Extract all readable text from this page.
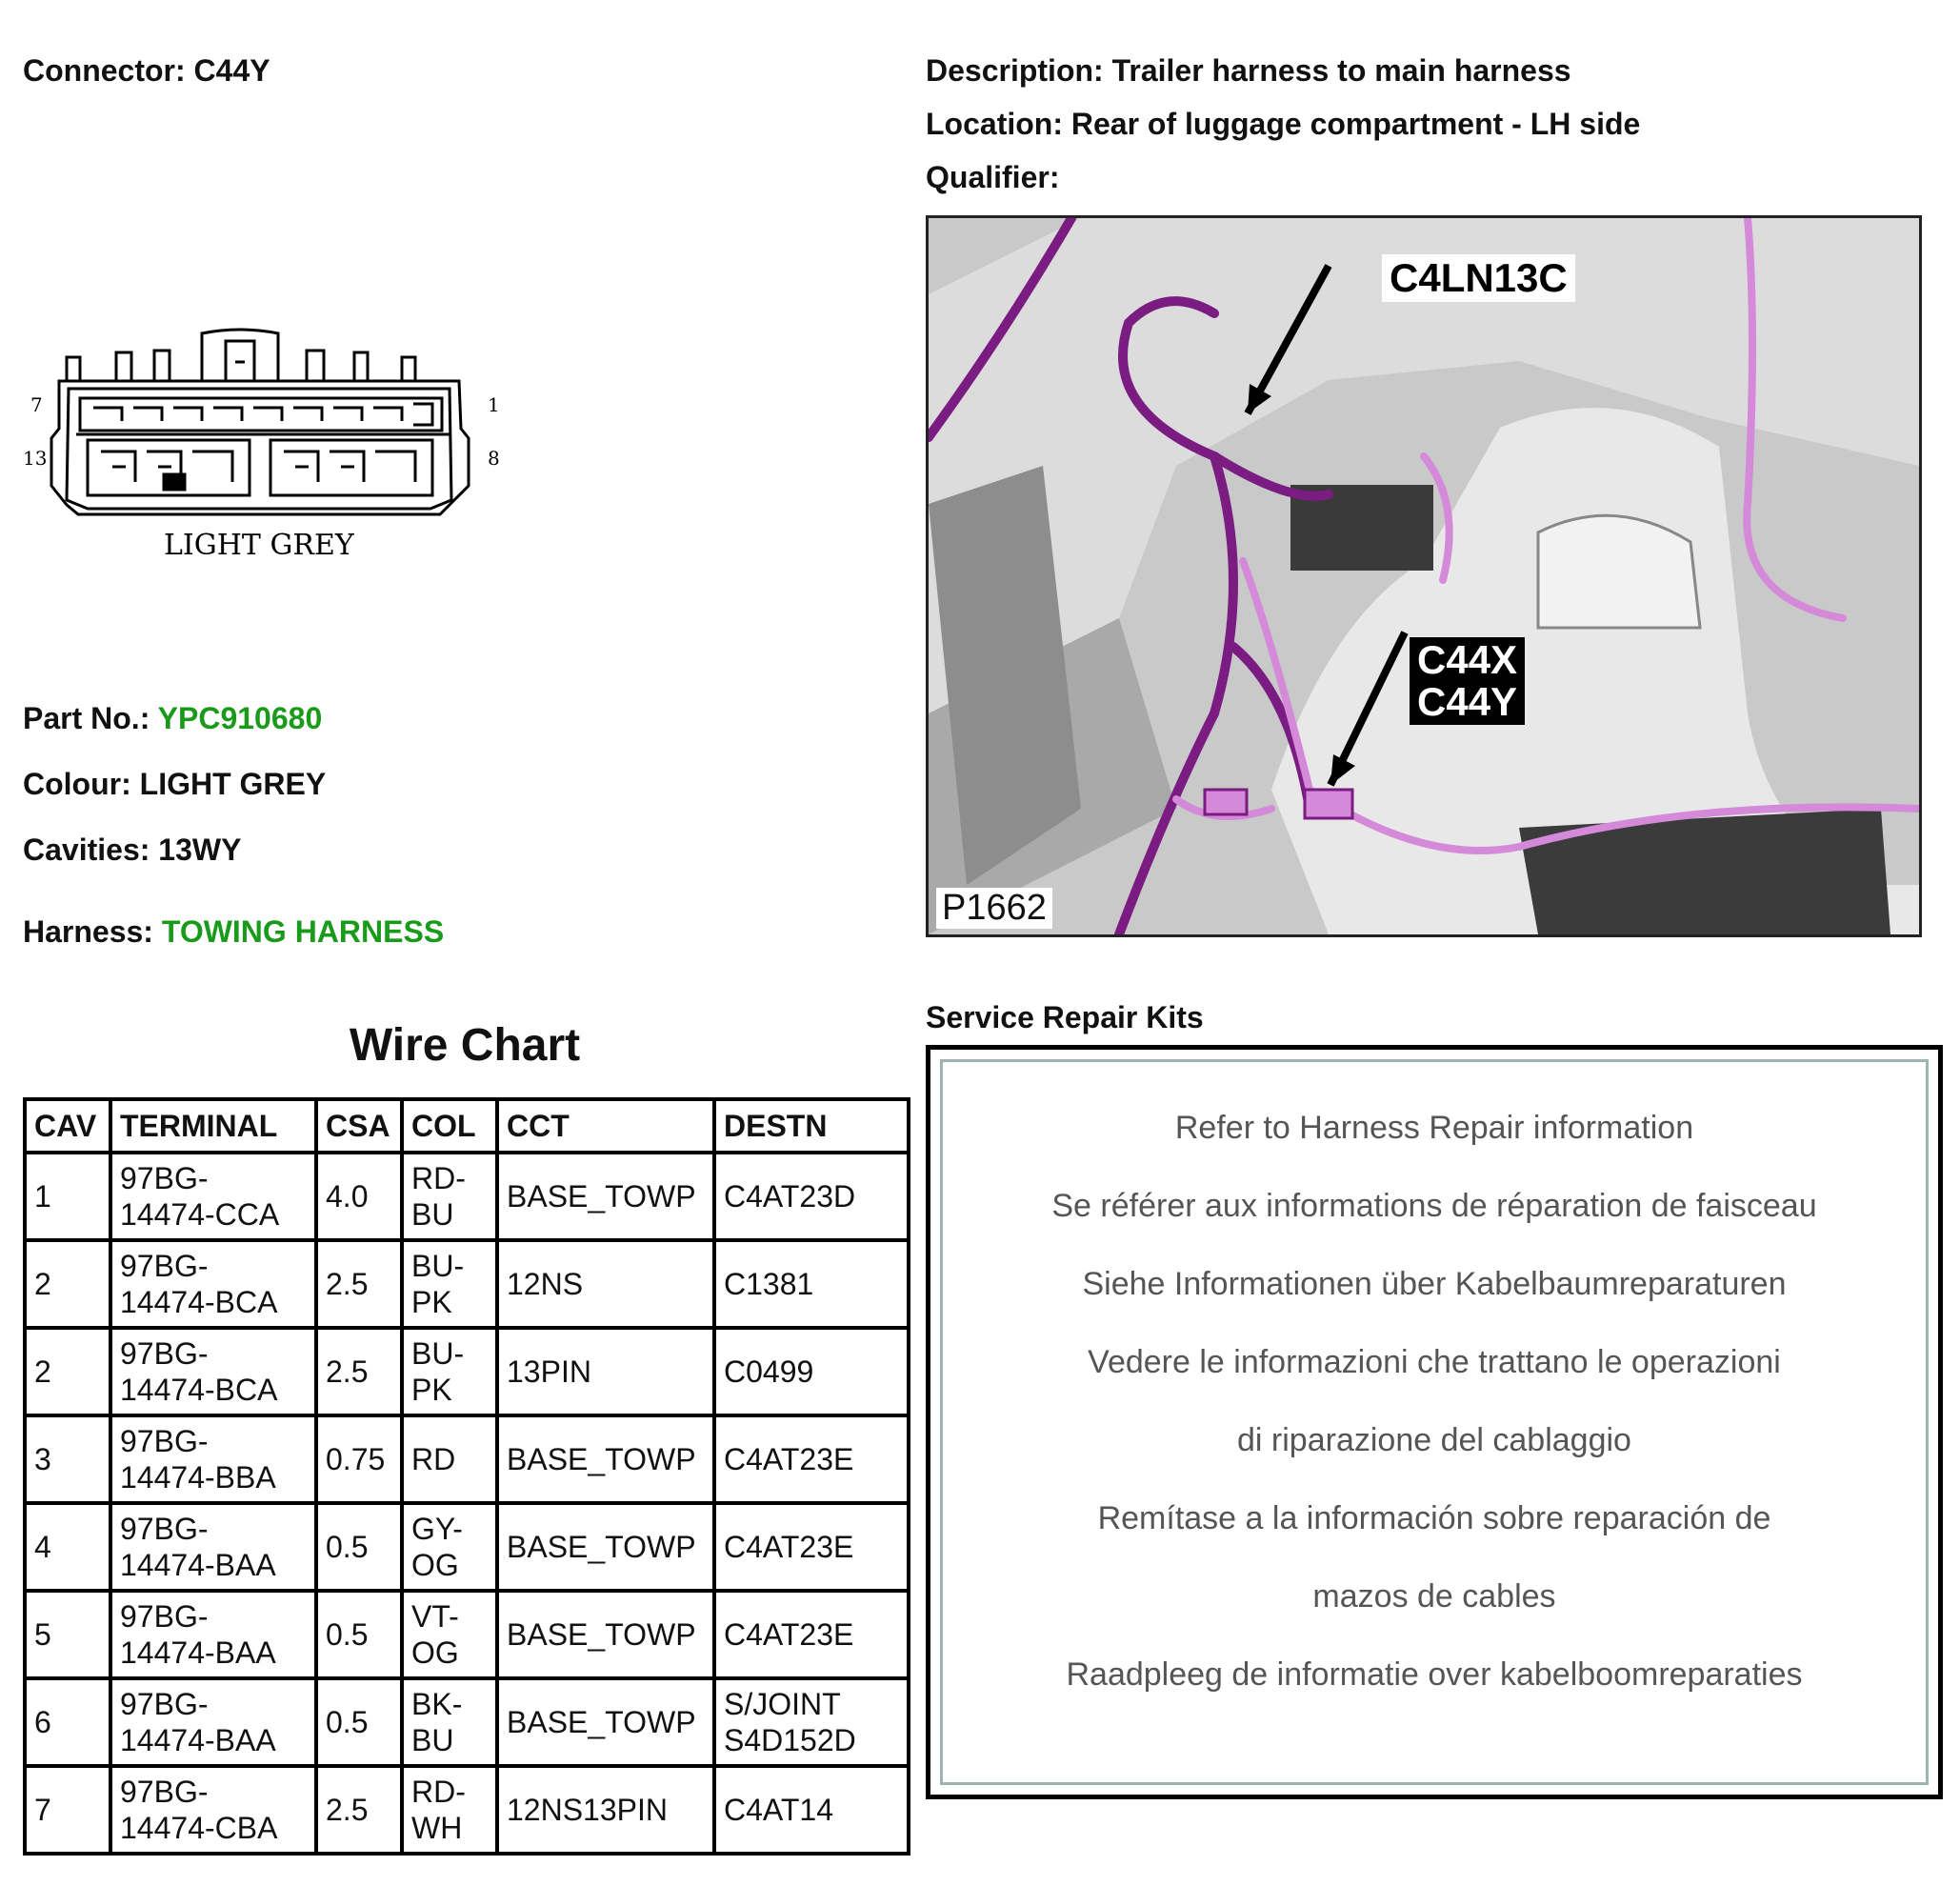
Connector: C44Y	Description: Trailer harness to main harness
Location: Rear of luggage compartment - LH side
Qualifier:
7	1
13	8
LIGHT GREY
Part No.: YPC910680
Colour: LIGHT GREY
Cavities: 13WY
Harness: TOWING HARNESS
C4LN13C
C44X
C44Y
P1662
Wire Chart
CAV	TERMINAL	CSA	COL	CCT	DESTN
1	97BG-
14474-CCA	4.0	RD-
BU	BASE_TOWP	C4AT23D
2	97BG-
14474-BCA	2.5	BU-
PK	12NS	C1381
2	97BG-
14474-BCA	2.5	BU-
PK	13PIN	C0499
3	97BG-
14474-BBA	0.75	RD	BASE_TOWP	C4AT23E
4	97BG-
14474-BAA	0.5	GY-
OG	BASE_TOWP	C4AT23E
5	97BG-
14474-BAA	0.5	VT-
OG	BASE_TOWP	C4AT23E
6	97BG-
14474-BAA	0.5	BK-
BU	BASE_TOWP	S/JOINT
S4D152D
7	97BG-
14474-CBA	2.5	RD-
WH	12NS13PIN	C4AT14
Service Repair Kits
Refer to Harness Repair information
Se référer aux informations de réparation de faisceau
Siehe Informationen über Kabelbaumreparaturen
Vedere le informazioni che trattano le operazioni
di riparazione del cablaggio
Remítase a la información sobre reparación de
mazos de cables
Raadpleeg de informatie over kabelboomreparaties
